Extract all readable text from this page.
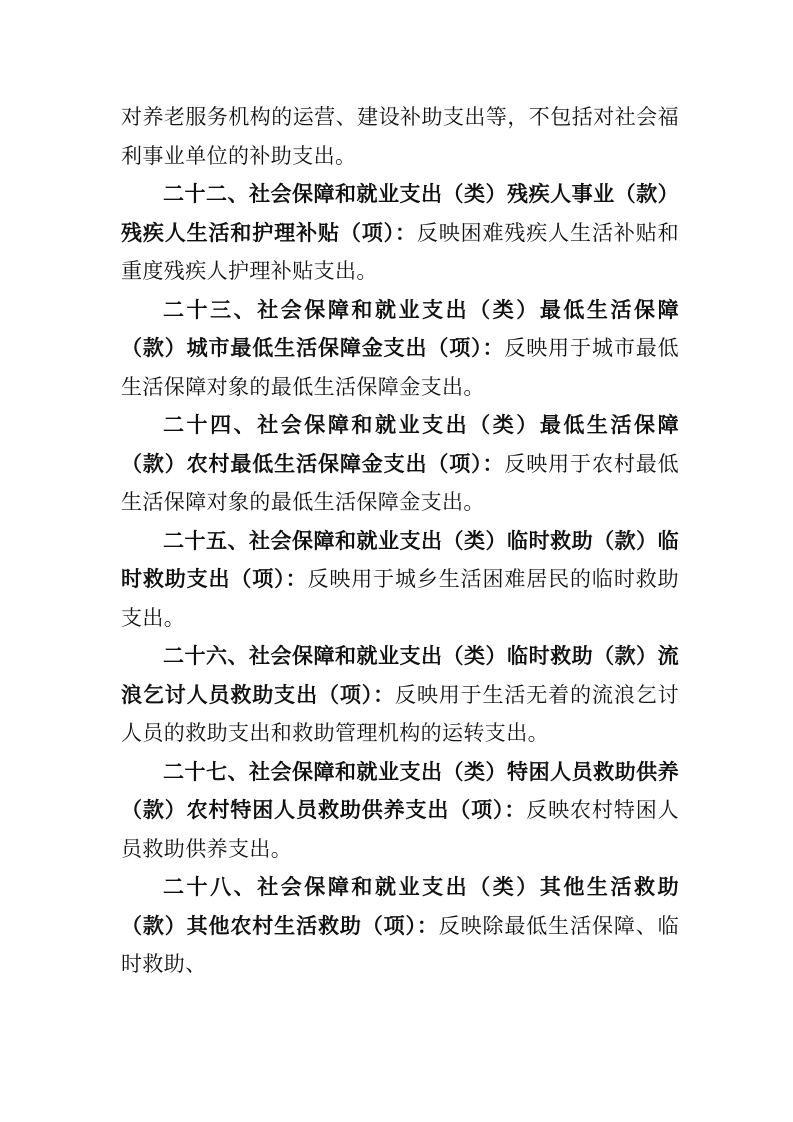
对养老服务机构的运营、建设补助支出等，不包括对社会福利事业单位的补助支出。

二十二、社会保障和就业支出（类）残疾人事业（款）残疾人生活和护理补贴（项）：反映困难残疾人生活补贴和重度残疾人护理补贴支出。

二十三、社会保障和就业支出（类）最低生活保障（款）城市最低生活保障金支出（项）：反映用于城市最低生活保障对象的最低生活保障金支出。

二十四、社会保障和就业支出（类）最低生活保障（款）农村最低生活保障金支出（项）：反映用于农村最低生活保障对象的最低生活保障金支出。

二十五、社会保障和就业支出（类）临时救助（款）临时救助支出（项）：反映用于城乡生活困难居民的临时救助支出。

二十六、社会保障和就业支出（类）临时救助（款）流浪乞讨人员救助支出（项）：反映用于生活无着的流浪乞讨人员的救助支出和救助管理机构的运转支出。

二十七、社会保障和就业支出（类）特困人员救助供养（款）农村特困人员救助供养支出（项）：反映农村特困人员救助供养支出。

二十八、社会保障和就业支出（类）其他生活救助（款）其他农村生活救助（项）：反映除最低生活保障、临时救助、
